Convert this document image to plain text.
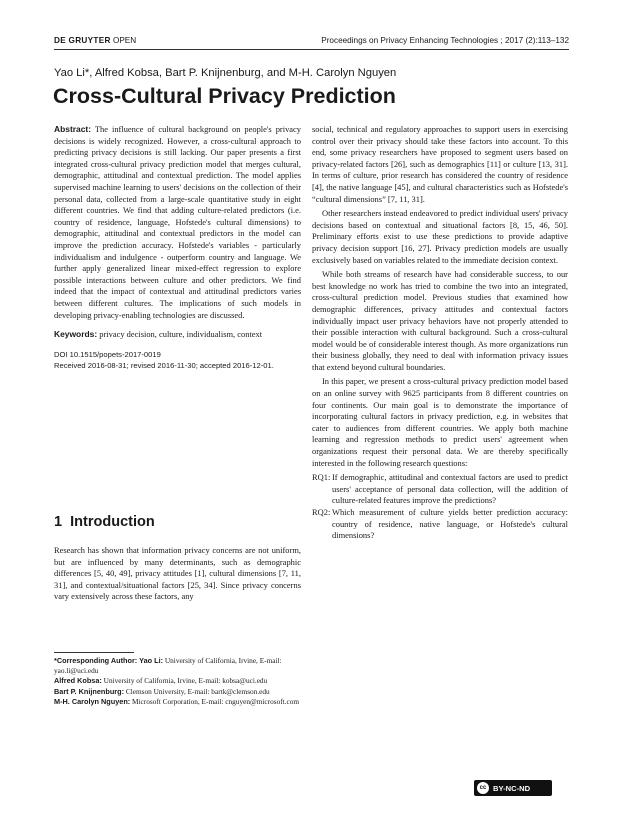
DE GRUYTER OPEN	Proceedings on Privacy Enhancing Technologies ; 2017 (2):113–132
Yao Li*, Alfred Kobsa, Bart P. Knijnenburg, and M-H. Carolyn Nguyen
Cross-Cultural Privacy Prediction

Abstract: The influence of cultural background on people's privacy decisions is widely recognized. However, a cross-cultural approach to predicting privacy decisions is still lacking. Our paper presents a first integrated cross-cultural privacy prediction model that merges cultural, demographic, attitudinal and contextual prediction. The model applies supervised machine learning to users' decisions on the collection of their personal data, collected from a large-scale quantitative study in eight different countries. We find that adding culture-related predictors (i.e. country of residence, language, Hofstede's cultural dimensions) to demographic, attitudinal and contextual predictors in the model can improve the prediction accuracy. Hofstede's variables - particularly individualism and indulgence - outperform country and language. We further apply generalized linear mixed-effect regression to explore possible interactions between culture and other predictors. We find indeed that the impact of contextual and attitudinal predictors varies between different cultures. The implications of such models in developing privacy-enabling technologies are discussed.

Keywords: privacy decision, culture, individualism, context

DOI 10.1515/popets-2017-0019
Received 2016-08-31; revised 2016-11-30; accepted 2016-12-01.
1 Introduction
Research has shown that information privacy concerns are not uniform, but are influenced by many determinants, such as demographic differences [5, 40, 49], privacy attitudes [1], cultural dimensions [7, 11, 31], and contextual/situational factors [25, 34]. Since privacy concerns vary extensively across these factors, any

*Corresponding Author: Yao Li: University of California, Irvine, E-mail: yao.li@uci.edu

Alfred Kobsa: University of California, Irvine, E-mail: kobsa@uci.edu

Bart P. Knijnenburg: Clemson University, E-mail: bartk@clemson.edu

M-H. Carolyn Nguyen: Microsoft Corporation, E-mail: cnguyen@microsoft.com

social, technical and regulatory approaches to support users in exercising control over their privacy should take these factors into account. To this end, some privacy researchers have proposed to segment users based on privacy-related factors [26], such as demographics [11] or culture [13, 31]. In terms of culture, prior research has considered the country of residence [4], the native language [45], and cultural characteristics such as Hofstede's “cultural dimensions” [7, 11, 31].

Other researchers instead endeavored to predict individual users' privacy decisions based on contextual and situational factors [8, 15, 46, 50]. Preliminary efforts exist to use these predictions to provide adaptive privacy decision support [16, 27]. Privacy prediction models are usually exclusively based on variables related to the immediate decision context.

While both streams of research have had considerable success, to our best knowledge no work has tried to combine the two into an integrated, cross-cultural prediction model. Previous studies that examined how demographic differences, privacy attitudes and contextual factors individually impact user privacy behaviors have not properly attended to their possible interaction with cultural background. Such a cross-cultural model would be of considerable interest though. As more organizations run their business globally, they need to deal with information privacy issues that extend beyond cultural boundaries.

In this paper, we present a cross-cultural privacy prediction model based on an online survey with 9625 participants from 8 different countries on four continents. Our main goal is to demonstrate the importance of incorporating cultural factors in privacy prediction, e.g. in websites that cater to audiences from different countries. We apply both machine learning and regression methods to predict users' agreement when organizations request their personal data. We are thereby specifically interested in the following research questions:

RQ1: If demographic, attitudinal and contextual factors are used to predict users' acceptance of personal data collection, will the addition of culture-related features improve the predictions?
RQ2: Which measurement of culture yields better prediction accuracy: country of residence, native language, or Hofstede's cultural dimensions?
cc BY-NC-ND
